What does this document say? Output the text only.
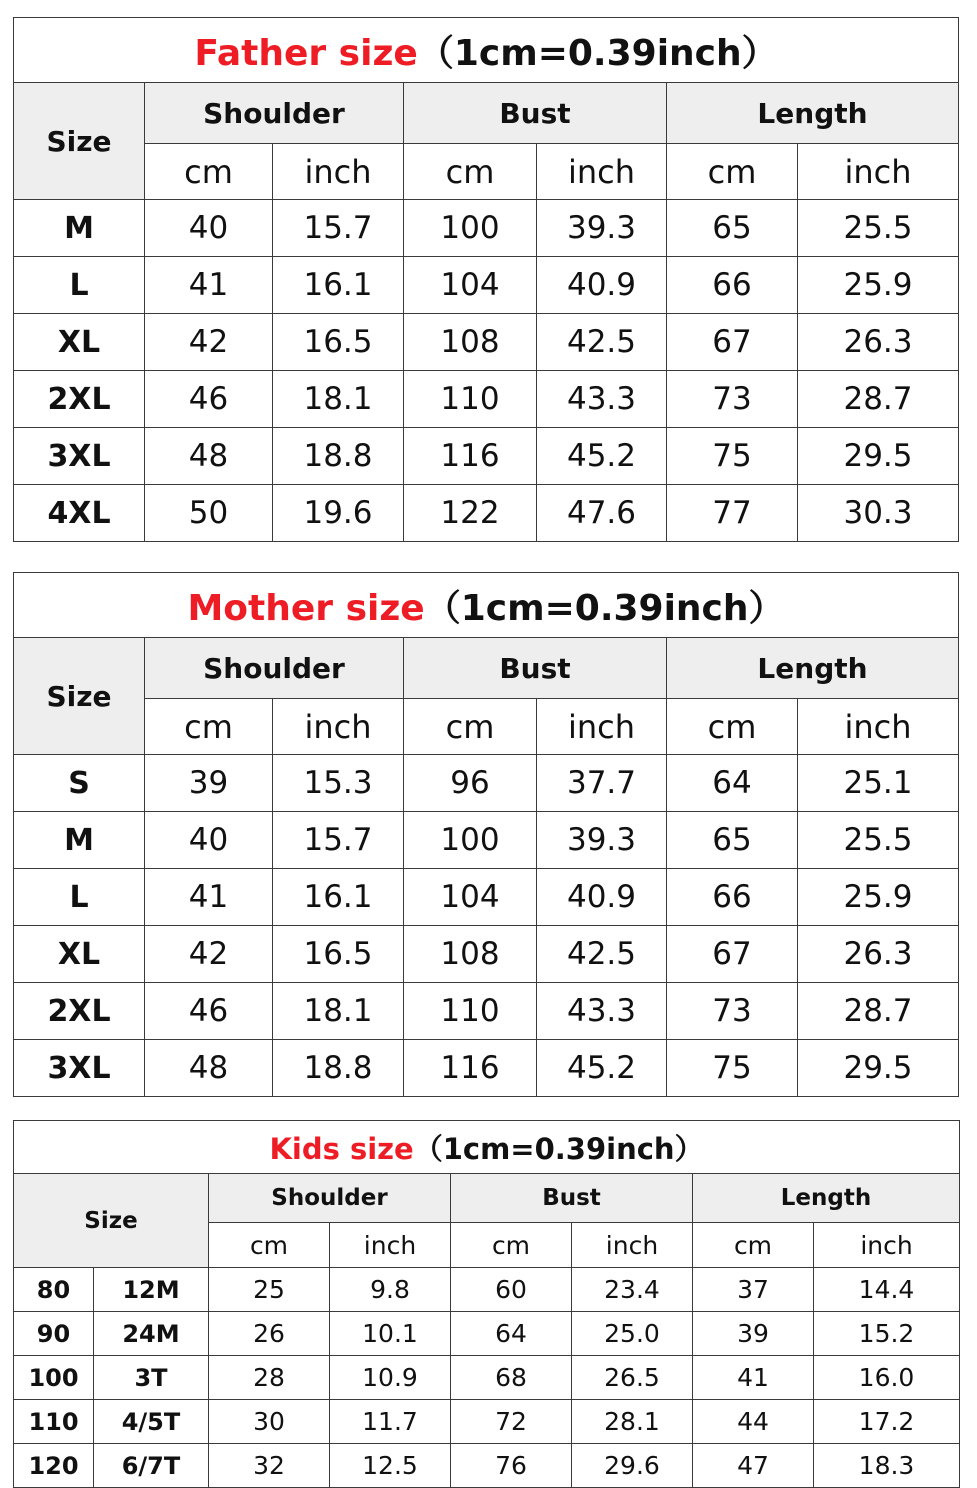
Father size（1cm=0.39inch）						
Size	Shoulder		Bust		Length	
	cm	inch	cm	inch	cm	inch
M	40	15.7	100	39.3	65	25.5
L	41	16.1	104	40.9	66	25.9
XL	42	16.5	108	42.5	67	26.3
2XL	46	18.1	110	43.3	73	28.7
3XL	48	18.8	116	45.2	75	29.5
4XL	50	19.6	122	47.6	77	30.3
Mother size（1cm=0.39inch）						
Size	Shoulder		Bust		Length	
	cm	inch	cm	inch	cm	inch
S	39	15.3	96	37.7	64	25.1
M	40	15.7	100	39.3	65	25.5
L	41	16.1	104	40.9	66	25.9
XL	42	16.5	108	42.5	67	26.3
2XL	46	18.1	110	43.3	73	28.7
3XL	48	18.8	116	45.2	75	29.5
Kids size（1cm=0.39inch）							
Size		Shoulder		Bust		Length	
		cm	inch	cm	inch	cm	inch
80	12M	25	9.8	60	23.4	37	14.4
90	24M	26	10.1	64	25.0	39	15.2
100	3T	28	10.9	68	26.5	41	16.0
110	4/5T	30	11.7	72	28.1	44	17.2
120	6/7T	32	12.5	76	29.6	47	18.3
